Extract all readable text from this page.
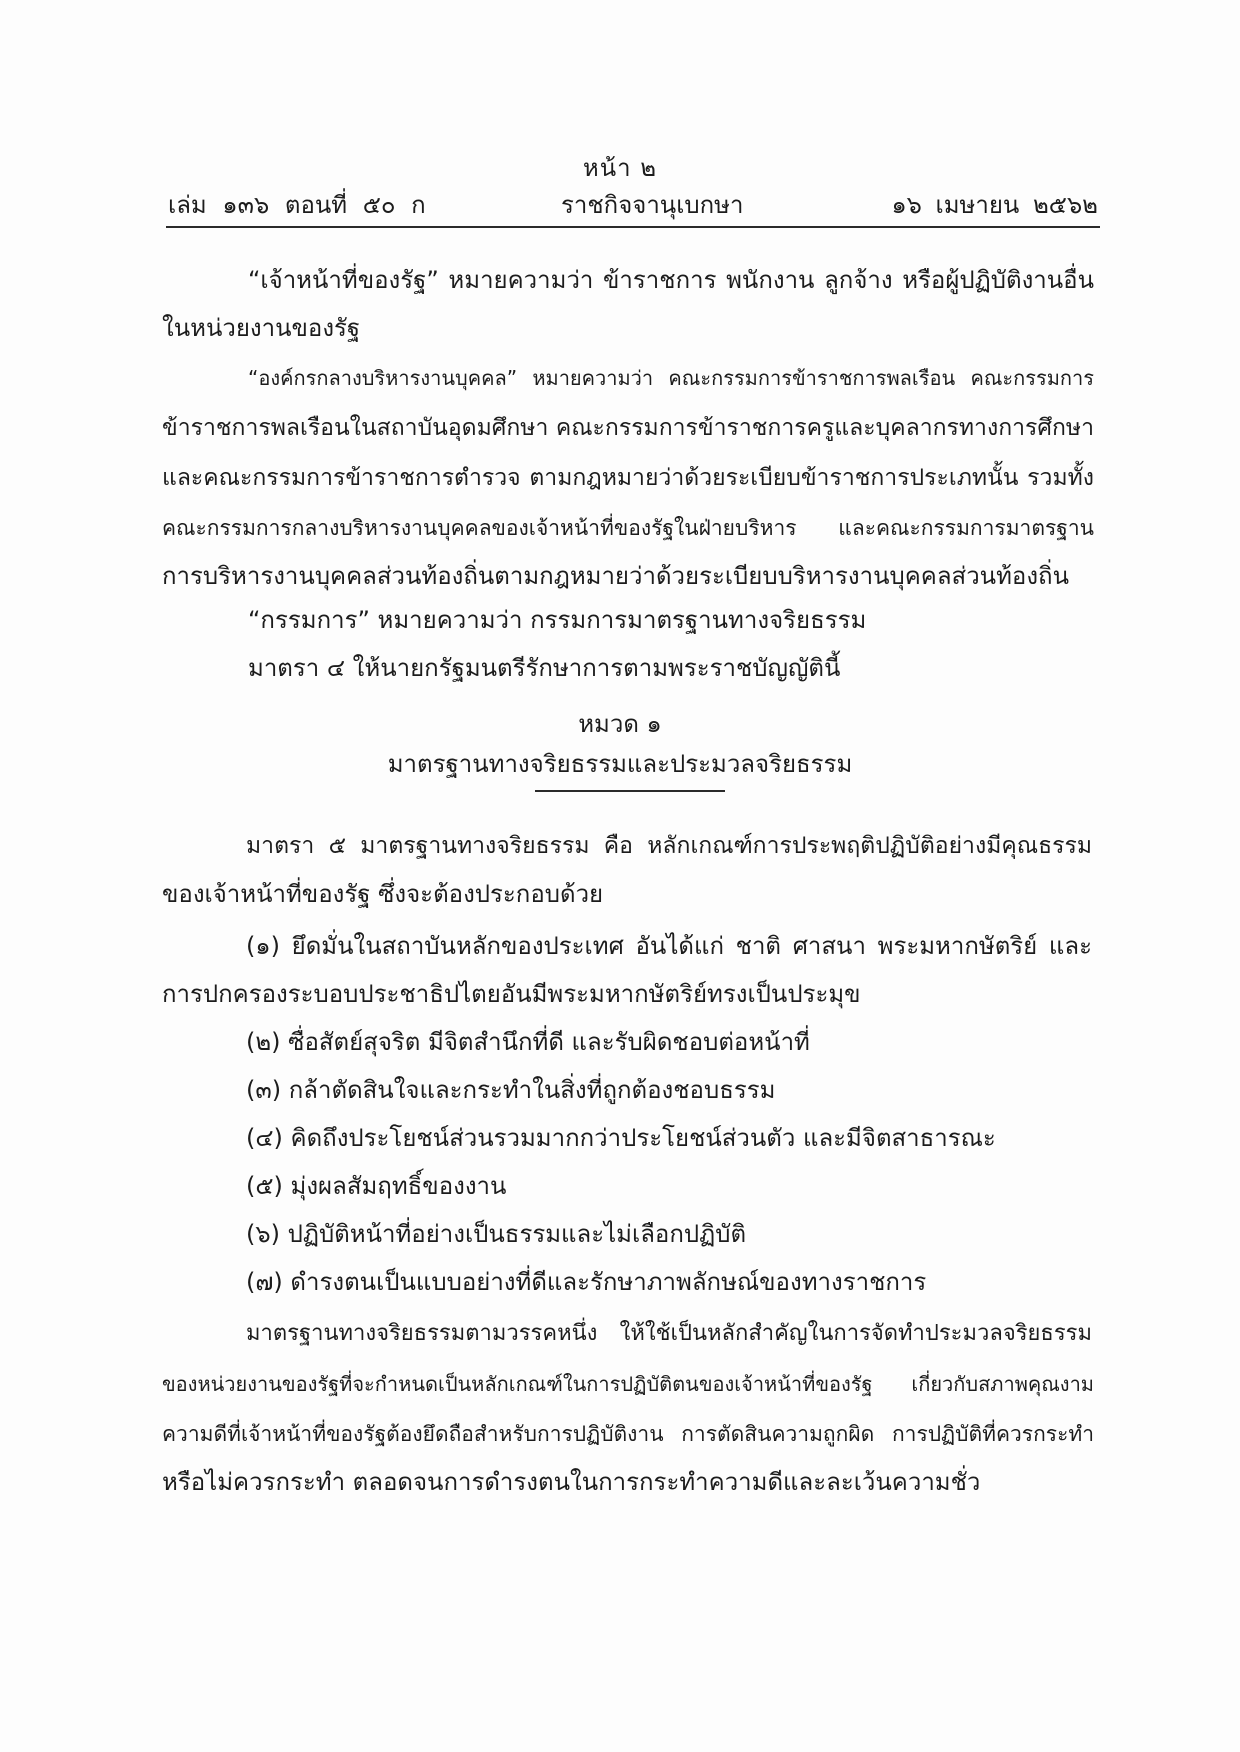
หน้า ๒
เล่ม ๑๓๖ ตอนที่ ๕๐ ก	ราชกิจจานุเบกษา	๑๖ เมษายน ๒๕๖๒
“เจ้าหน้าที่ของรัฐ” หมายความว่า ข้าราชการ พนักงาน ลูกจ้าง หรือผู้ปฏิบัติงานอื่น
ในหน่วยงานของรัฐ
“องค์กรกลางบริหารงานบุคคล” หมายความว่า คณะกรรมการข้าราชการพลเรือน คณะกรรมการ
ข้าราชการพลเรือนในสถาบันอุดมศึกษา คณะกรรมการข้าราชการครูและบุคลากรทางการศึกษา
และคณะกรรมการข้าราชการตำรวจ ตามกฎหมายว่าด้วยระเบียบข้าราชการประเภทนั้น รวมทั้ง
คณะกรรมการกลางบริหารงานบุคคลของเจ้าหน้าที่ของรัฐในฝ่ายบริหาร และคณะกรรมการมาตรฐาน
การบริหารงานบุคคลส่วนท้องถิ่นตามกฎหมายว่าด้วยระเบียบบริหารงานบุคคลส่วนท้องถิ่น
“กรรมการ” หมายความว่า กรรมการมาตรฐานทางจริยธรรม
มาตรา ๔ ให้นายกรัฐมนตรีรักษาการตามพระราชบัญญัตินี้
หมวด ๑
มาตรฐานทางจริยธรรมและประมวลจริยธรรม
มาตรา ๕ มาตรฐานทางจริยธรรม คือ หลักเกณฑ์การประพฤติปฏิบัติอย่างมีคุณธรรม
ของเจ้าหน้าที่ของรัฐ ซึ่งจะต้องประกอบด้วย
(๑) ยึดมั่นในสถาบันหลักของประเทศ อันได้แก่ ชาติ ศาสนา พระมหากษัตริย์ และ
การปกครองระบอบประชาธิปไตยอันมีพระมหากษัตริย์ทรงเป็นประมุข
(๒) ซื่อสัตย์สุจริต มีจิตสำนึกที่ดี และรับผิดชอบต่อหน้าที่
(๓) กล้าตัดสินใจและกระทำในสิ่งที่ถูกต้องชอบธรรม
(๔) คิดถึงประโยชน์ส่วนรวมมากกว่าประโยชน์ส่วนตัว และมีจิตสาธารณะ
(๕) มุ่งผลสัมฤทธิ์ของงาน
(๖) ปฏิบัติหน้าที่อย่างเป็นธรรมและไม่เลือกปฏิบัติ
(๗) ดำรงตนเป็นแบบอย่างที่ดีและรักษาภาพลักษณ์ของทางราชการ
มาตรฐานทางจริยธรรมตามวรรคหนึ่ง ให้ใช้เป็นหลักสำคัญในการจัดทำประมวลจริยธรรม
ของหน่วยงานของรัฐที่จะกำหนดเป็นหลักเกณฑ์ในการปฏิบัติตนของเจ้าหน้าที่ของรัฐ เกี่ยวกับสภาพคุณงาม
ความดีที่เจ้าหน้าที่ของรัฐต้องยึดถือสำหรับการปฏิบัติงาน การตัดสินความถูกผิด การปฏิบัติที่ควรกระทำ
หรือไม่ควรกระทำ ตลอดจนการดำรงตนในการกระทำความดีและละเว้นความชั่ว
